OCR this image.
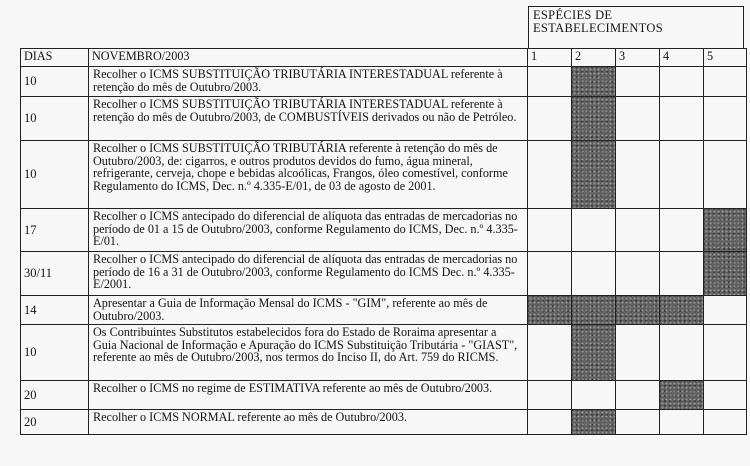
ESPÉCIES DE ESTABELECIMENTOS
DIAS	NOVEMBRO/2003	1	2	3	4	5
10	Recolher o ICMS SUBSTITUIÇÃO TRIBUTÁRIA INTERESTADUAL referente à retenção do mês de Outubro/2003.					
10	Recolher o ICMS SUBSTITUIÇÃO TRIBUTÁRIA INTERESTADUAL referente à retenção do mês de Outubro/2003, de COMBUSTÍVEIS derivados ou não de Petróleo.					
10	Recolher o ICMS SUBSTITUIÇÃO TRIBUTÁRIA referente à retenção do mês de Outubro/2003, de: cigarros, e outros produtos devidos do fumo, água mineral, refrigerante, cerveja, chope e bebidas alcoólicas, Frangos, óleo comestível, conforme Regulamento do ICMS, Dec. n.º 4.335-E/01, de 03 de agosto de 2001.					
17	Recolher o ICMS antecipado do diferencial de alíquota das entradas de mercadorias no período de 01 a 15 de Outubro/2003, conforme Regulamento do ICMS, Dec. n.º 4.335-E/01.					
30/11	Recolher o ICMS antecipado do diferencial de alíquota das entradas de mercadorias no período de 16 a 31 de Outubro/2003, conforme Regulamento do ICMS Dec. n.º 4.335-E/2001.					
14	Apresentar a Guia de Informação Mensal do ICMS - "GIM", referente ao mês de Outubro/2003.					
10	Os Contribuintes Substitutos estabelecidos fora do Estado de Roraima apresentar a Guia Nacional de Informação e Apuração do ICMS Substituição Tributária - "GIAST", referente ao mês de Outubro/2003, nos termos do Inciso II, do Art. 759 do RICMS.					
20	Recolher o ICMS no regime de ESTIMATIVA referente ao mês de Outubro/2003.					
20	Recolher o ICMS NORMAL referente ao mês de Outubro/2003.					
